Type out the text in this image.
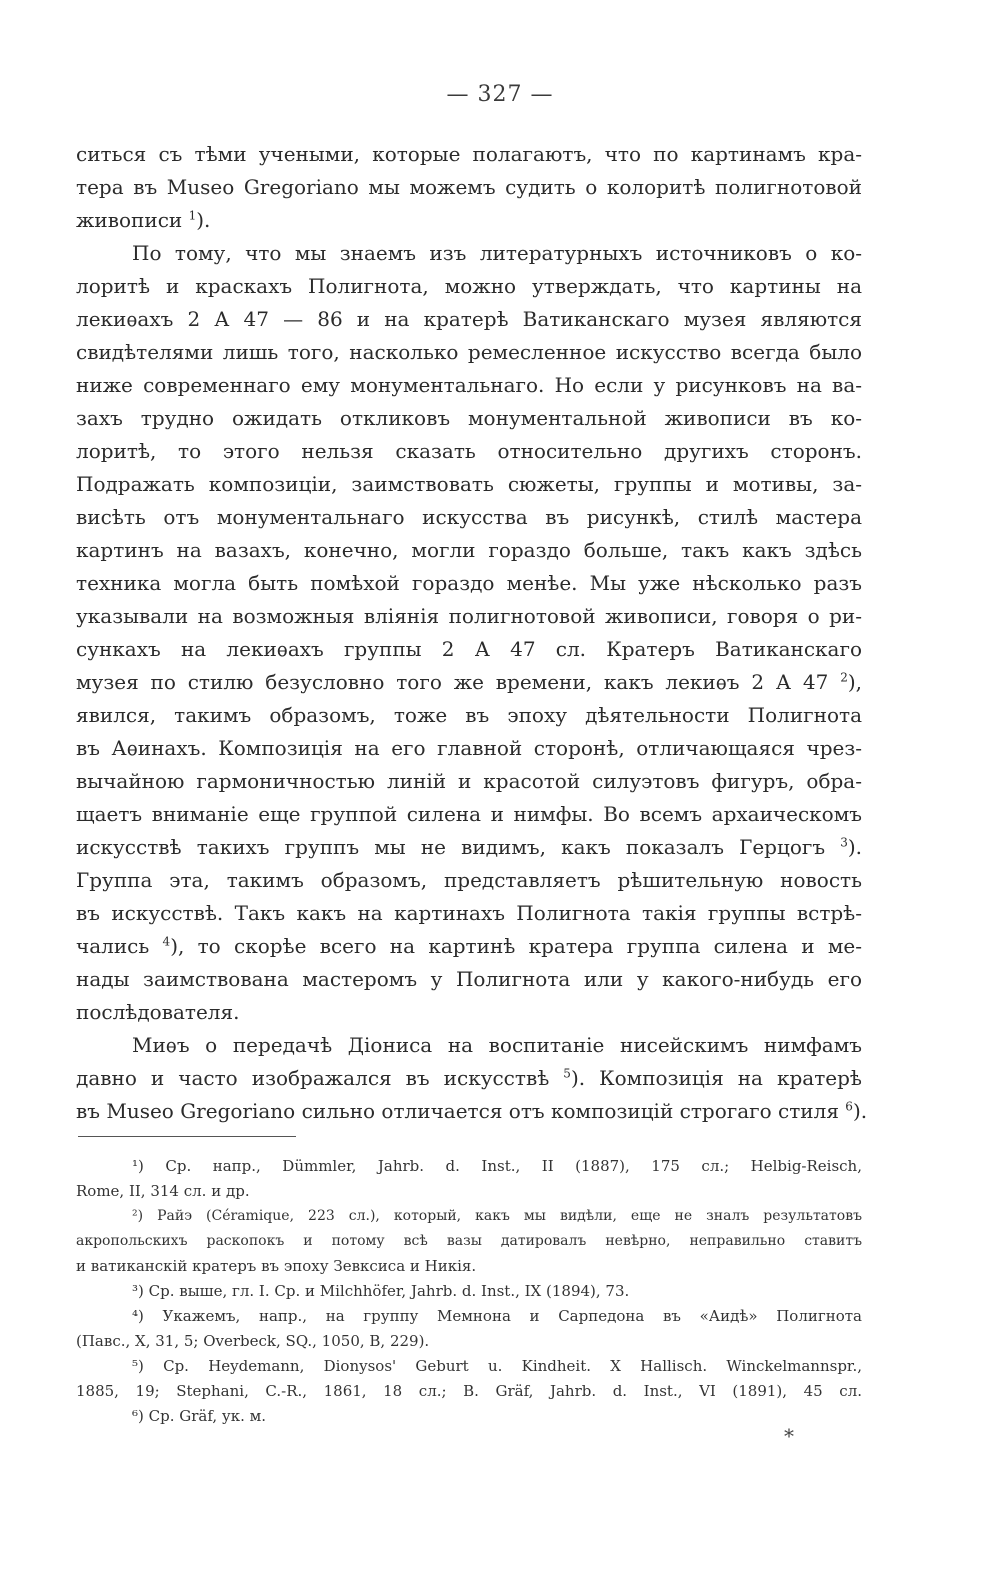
— 327 —
ситься съ тѣми учеными, которые полагаютъ, что по картинамъ кра-
тера въ Museo Gregoriano мы можемъ судить о колоритѣ полигнотовой
живописи $^1$).
По тому, что мы знаемъ изъ литературныхъ источниковъ о ко-
лоритѣ и краскахъ Полигнота, можно утверждать, что картины на
лекиѳахъ 2 А 47 — 86 и на кратерѣ Ватиканскаго музея являются
свидѣтелями лишь того, насколько ремесленное искусство всегда было
ниже современнаго ему монументальнаго. Но если у рисунковъ на ва-
захъ трудно ожидать откликовъ монументальной живописи въ ко-
лоритѣ, то этого нельзя сказать относительно другихъ сторонъ.
Подражать композиціи, заимствовать сюжеты, группы и мотивы, за-
висѣть отъ монументальнаго искусства въ рисункѣ, стилѣ мастера
картинъ на вазахъ, конечно, могли гораздо больше, такъ какъ здѣсь
техника могла быть помѣхой гораздо менѣе. Мы уже нѣсколько разъ
указывали на возможныя вліянія полигнотовой живописи, говоря о ри-
сункахъ на лекиѳахъ группы 2 А 47 сл. Кратеръ Ватиканскаго
музея по стилю безусловно того же времени, какъ лекиѳъ 2 А 47 $^2$),
явился, такимъ образомъ, тоже въ эпоху дѣятельности Полигнота
въ Аѳинахъ. Композиція на его главной сторонѣ, отличающаяся чрез-
вычайною гармоничностью линій и красотой силуэтовъ фигуръ, обра-
щаетъ вниманіе еще группой силена и нимфы. Во всемъ архаическомъ
искусствѣ такихъ группъ мы не видимъ, какъ показалъ Герцогъ $^3$).
Группа эта, такимъ образомъ, представляетъ рѣшительную новость
въ искусствѣ. Такъ какъ на картинахъ Полигнота такія группы встрѣ-
чались $^4$), то скорѣе всего на картинѣ кратера группа силена и ме-
нады заимствована мастеромъ у Полигнота или у какого-нибудь его
послѣдователя.
Миѳъ о передачѣ Діониса на воспитаніе нисейскимъ нимфамъ
давно и часто изображался въ искусствѣ $^5$). Композиція на кратерѣ
въ Museo Gregoriano сильно отличается отъ композицій строгаго стиля $^6$).
¹) Ср. напр., Dümmler, Jahrb. d. Inst., II (1887), 175 сл.; Helbig-Reisch,
Rome, II, 314 сл. и др.
²) Райэ (Céramique, 223 сл.), который, какъ мы видѣли, еще не зналъ результатовъ
акропольскихъ раскопокъ и потому всѣ вазы датировалъ невѣрно, неправильно ставитъ
и ватиканскій кратеръ въ эпоху Зевксиса и Никія.
³) Ср. выше, гл. I. Ср. и Milchhöfer, Jahrb. d. Inst., IX (1894), 73.
⁴) Укажемъ, напр., на группу Мемнона и Сарпедона въ «Аидѣ» Полигнота
(Павс., X, 31, 5; Overbeck, SQ., 1050, B, 229).
⁵) Ср. Heydemann, Dionysos' Geburt u. Kindheit. X Hallisch. Winckelmannspr.,
1885, 19; Stephani, C.-R., 1861, 18 сл.; B. Gräf, Jahrb. d. Inst., VI (1891), 45 сл.
⁶) Ср. Gräf, ук. м.
*
